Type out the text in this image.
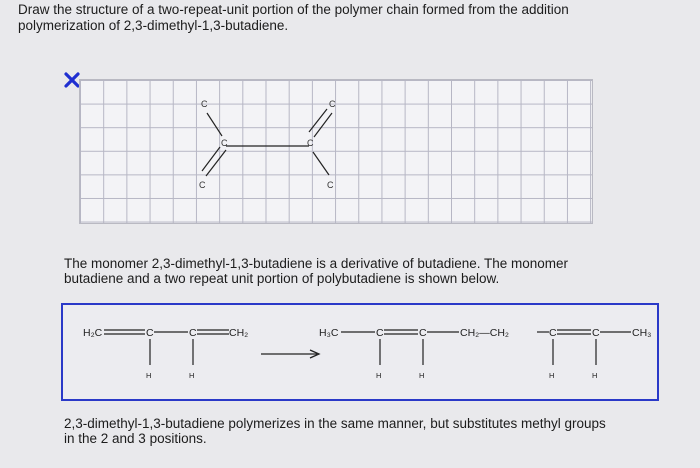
Draw the structure of a two-repeat-unit portion of the polymer chain formed from the addition
polymerization of 2,3-dimethyl-1,3-butadiene.
C
C
C
C
C
C
The monomer 2,3-dimethyl-1,3-butadiene is a derivative of butadiene. The monomer
butadiene and a two repeat unit portion of polybutadiene is shown below.
H₂C	C	C	CH₂
H	H
H₃C	C	C	CH₂—CH₂	C	C	CH₃
H	H	H	H
2,3-dimethyl-1,3-butadiene polymerizes in the same manner, but substitutes methyl groups
in the 2 and 3 positions.
